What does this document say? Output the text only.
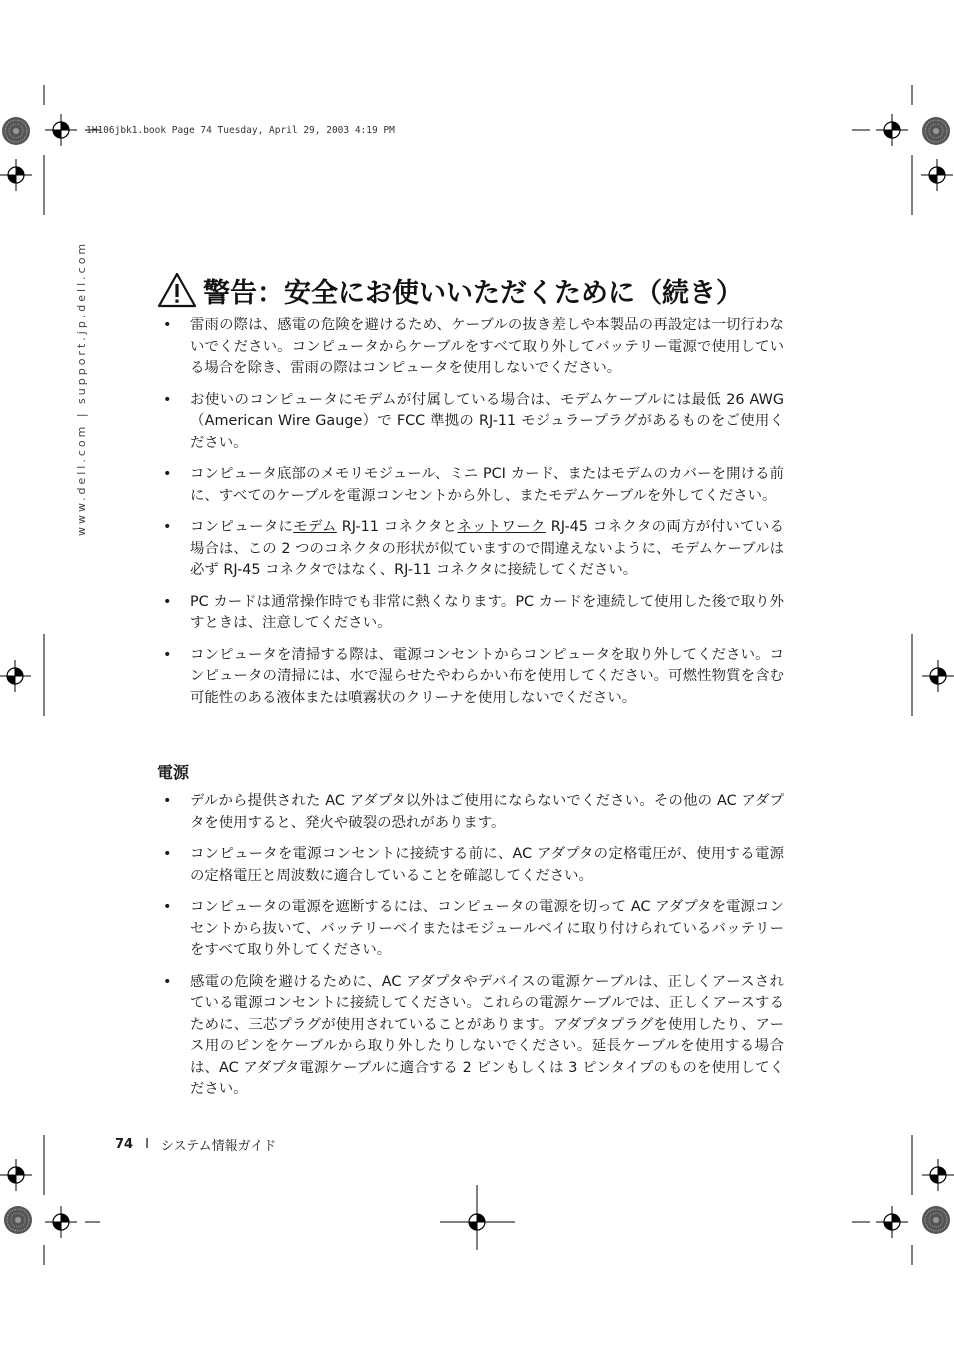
1H106jbk1.book Page 74 Tuesday, April 29, 2003 4:19 PM
www.dell.com | support.jp.dell.com	警告：安全にお使いいただくために（続き）
• 雷雨の際は、感電の危険を避けるため、ケーブルの抜き差しや本製品の再設定は一切行わないでください。コンピュータからケーブルをすべて取り外してバッテリー電源で使用している場合を除き、雷雨の際はコンピュータを使用しないでください。
• お使いのコンピュータにモデムが付属している場合は、モデムケーブルには最低 26 AWG（American Wire Gauge）で FCC 準拠の RJ-11 モジュラープラグがあるものをご使用ください。
• コンピュータ底部のメモリモジュール、ミニ PCI カード、またはモデムのカバーを開ける前に、すべてのケーブルを電源コンセントから外し、またモデムケーブルを外してください。
• コンピュータにモデム RJ-11 コネクタとネットワーク RJ-45 コネクタの両方が付いている場合は、この 2 つのコネクタの形状が似ていますので間違えないように、モデムケーブルは必ず RJ-45 コネクタではなく、RJ-11 コネクタに接続してください。
• PC カードは通常操作時でも非常に熱くなります。PC カードを連続して使用した後で取り外すときは、注意してください。
• コンピュータを清掃する際は、電源コンセントからコンピュータを取り外してください。コンピュータの清掃には、水で湿らせたやわらかい布を使用してください。可燃性物質を含む可能性のある液体または噴霧状のクリーナを使用しないでください。
電源
• デルから提供された AC アダプタ以外はご使用にならないでください。その他の AC アダプタを使用すると、発火や破裂の恐れがあります。
• コンピュータを電源コンセントに接続する前に、AC アダプタの定格電圧が、使用する電源の定格電圧と周波数に適合していることを確認してください。
• コンピュータの電源を遮断するには、コンピュータの電源を切って AC アダプタを電源コンセントから抜いて、バッテリーベイまたはモジュールベイに取り付けられているバッテリーをすべて取り外してください。
• 感電の危険を避けるために、AC アダプタやデバイスの電源ケーブルは、正しくアースされている電源コンセントに接続してください。これらの電源ケーブルでは、正しくアースするために、三芯プラグが使用されていることがあります。アダプタプラグを使用したり、アース用のピンをケーブルから取り外したりしないでください。延長ケーブルを使用する場合は、AC アダプタ電源ケーブルに適合する 2 ピンもしくは 3 ピンタイプのものを使用してください。
74 I システム情報ガイド
